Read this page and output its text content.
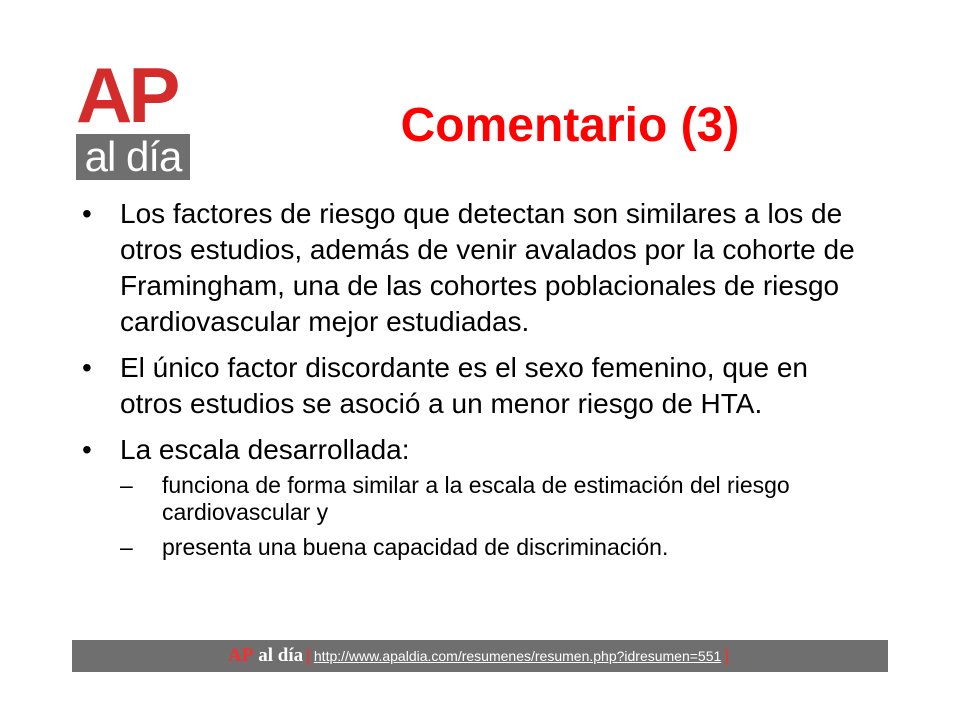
AP
al día
Comentario (3)
• Los factores de riesgo que detectan son similares a los de otros estudios, además de venir avalados por la cohorte de Framingham, una de las cohortes poblacionales de riesgo cardiovascular mejor estudiadas.
• El único factor discordante es el sexo femenino, que en otros estudios se asoció a un menor riesgo de HTA.
• La escala desarrollada:
– funciona de forma similar a la escala de estimación del riesgo cardiovascular y
– presenta una buena capacidad de discriminación.
AP al día [ http://www.apaldia.com/resumenes/resumen.php?idresumen=551 ]
